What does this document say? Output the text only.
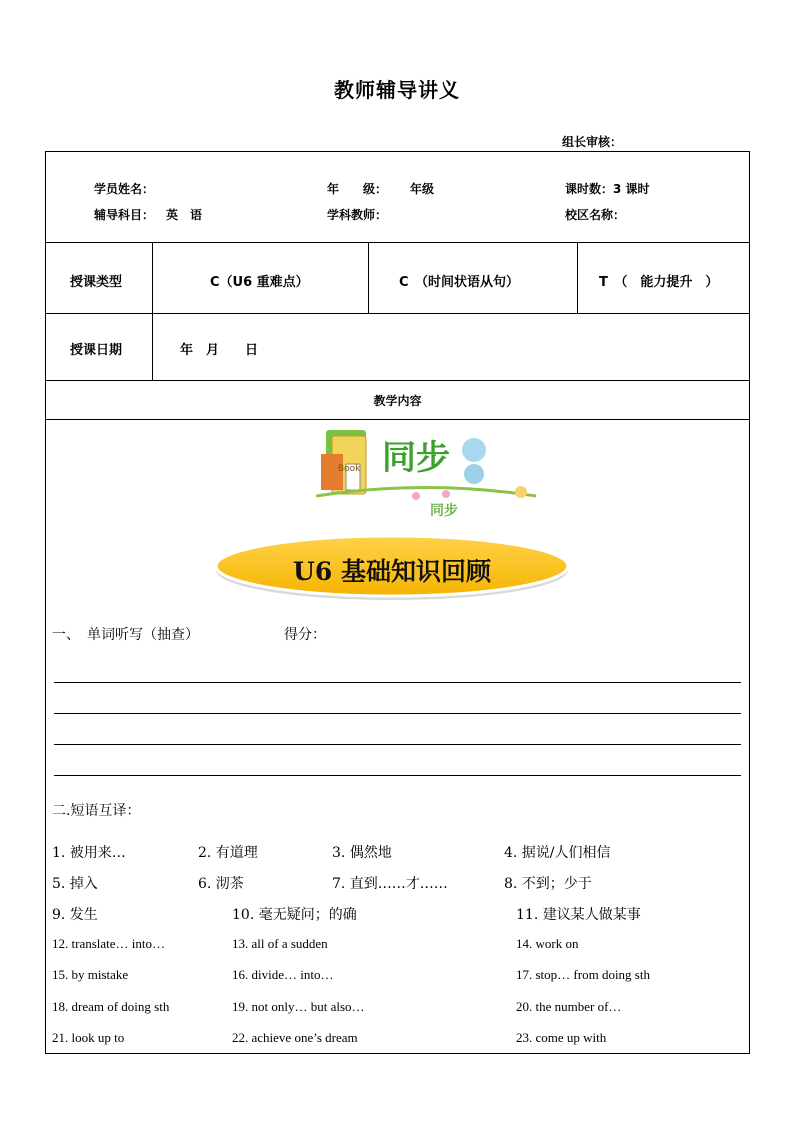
教师辅导讲义
组长审核：
学员姓名：	年　　级： 年级	课时数：3 课时
辅导科目： 英　语	学科教师：	校区名称：
授课类型	C（U6 重难点）	C　（时间状语从句）	T　（　能力提升　）
授课日期	年　月　　日
教学内容
同步
Book
同步
U6 基础知识回顾
一、　单词听写（抽查）	得分：
二.短语互译：
1. 被用来…	2. 有道理	3. 偶然地	4. 据说/人们相信
5. 掉入	6. 沏茶	7. 直到……才……	8. 不到；少于
9. 发生	10. 毫无疑问；的确	11. 建议某人做某事
12. translate… into…	13. all of a sudden	14. work on
15. by mistake	16. divide… into…	17. stop… from doing sth
18. dream of doing sth	19. not only… but also…	20. the number of…
21. look up to	22. achieve one’s dream	23. come up with
